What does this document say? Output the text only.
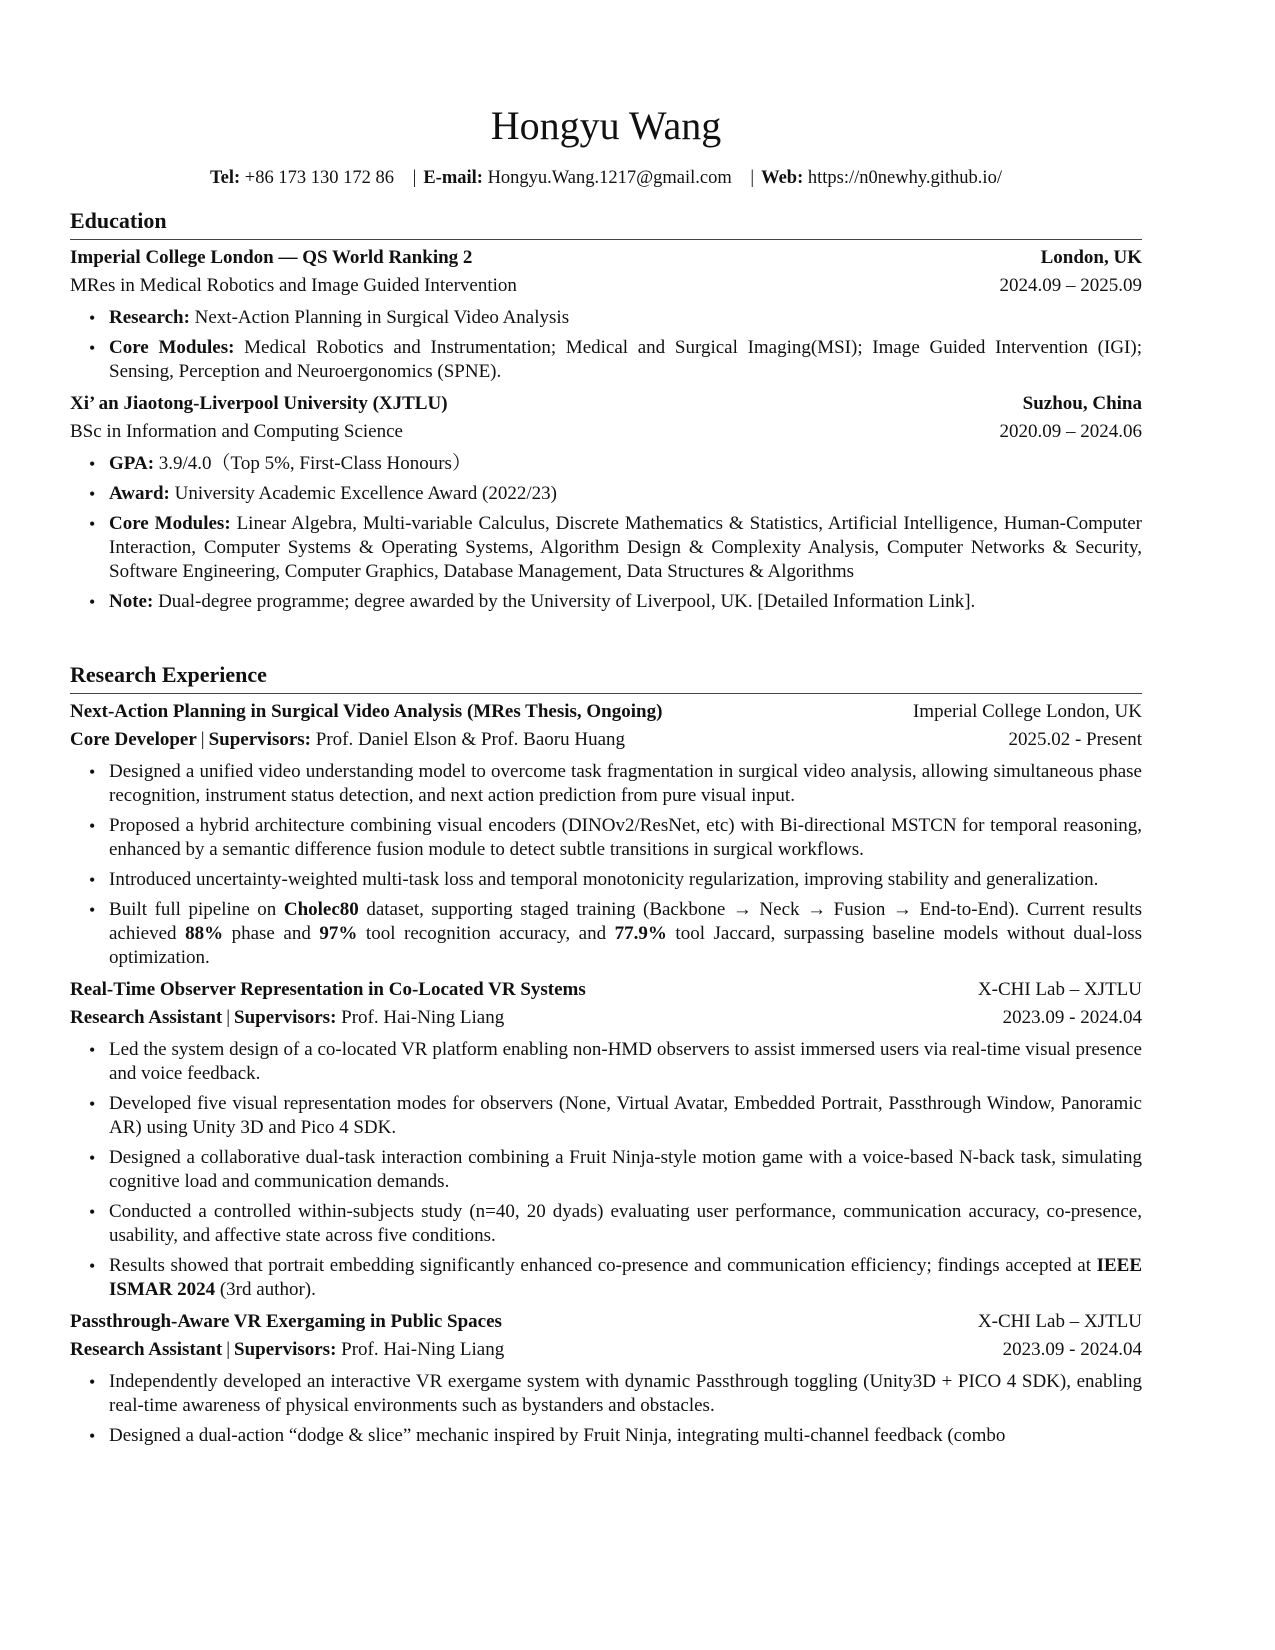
Hongyu Wang
Tel: +86 173 130 172 86 | E-mail: Hongyu.Wang.1217@gmail.com | Web: https://n0newhy.github.io/
Education
Imperial College London — QS World Ranking 2	London, UK
MRes in Medical Robotics and Image Guided Intervention	2024.09 – 2025.09
• Research: Next-Action Planning in Surgical Video Analysis
• Core Modules: Medical Robotics and Instrumentation; Medical and Surgical Imaging(MSI); Image Guided Intervention (IGI); Sensing, Perception and Neuroergonomics (SPNE).
Xi’ an Jiaotong-Liverpool University (XJTLU)	Suzhou, China
BSc in Information and Computing Science	2020.09 – 2024.06
• GPA: 3.9/4.0（Top 5%, First-Class Honours）
• Award: University Academic Excellence Award (2022/23)
• Core Modules: Linear Algebra, Multi-variable Calculus, Discrete Mathematics & Statistics, Artificial Intelligence, Human-Computer Interaction, Computer Systems & Operating Systems, Algorithm Design & Complexity Analysis, Computer Networks & Security, Software Engineering, Computer Graphics, Database Management, Data Structures & Algorithms
• Note: Dual-degree programme; degree awarded by the University of Liverpool, UK. [Detailed Information Link].
Research Experience
Next-Action Planning in Surgical Video Analysis (MRes Thesis, Ongoing)	Imperial College London, UK
Core Developer | Supervisors: Prof. Daniel Elson & Prof. Baoru Huang	2025.02 - Present
• Designed a unified video understanding model to overcome task fragmentation in surgical video analysis, allowing simultaneous phase recognition, instrument status detection, and next action prediction from pure visual input.
• Proposed a hybrid architecture combining visual encoders (DINOv2/ResNet, etc) with Bi-directional MSTCN for temporal reasoning, enhanced by a semantic difference fusion module to detect subtle transitions in surgical workflows.
• Introduced uncertainty-weighted multi-task loss and temporal monotonicity regularization, improving stability and generalization.
• Built full pipeline on Cholec80 dataset, supporting staged training (Backbone → Neck → Fusion → End-to-End). Current results achieved 88% phase and 97% tool recognition accuracy, and 77.9% tool Jaccard, surpassing baseline models without dual-loss optimization.
Real-Time Observer Representation in Co-Located VR Systems	X-CHI Lab – XJTLU
Research Assistant | Supervisors: Prof. Hai-Ning Liang	2023.09 - 2024.04
• Led the system design of a co-located VR platform enabling non-HMD observers to assist immersed users via real-time visual presence and voice feedback.
• Developed five visual representation modes for observers (None, Virtual Avatar, Embedded Portrait, Passthrough Window, Panoramic AR) using Unity 3D and Pico 4 SDK.
• Designed a collaborative dual-task interaction combining a Fruit Ninja-style motion game with a voice-based N-back task, simulating cognitive load and communication demands.
• Conducted a controlled within-subjects study (n=40, 20 dyads) evaluating user performance, communication accuracy, co-presence, usability, and affective state across five conditions.
• Results showed that portrait embedding significantly enhanced co-presence and communication efficiency; findings accepted at IEEE ISMAR 2024 (3rd author).
Passthrough-Aware VR Exergaming in Public Spaces	X-CHI Lab – XJTLU
Research Assistant | Supervisors: Prof. Hai-Ning Liang	2023.09 - 2024.04
• Independently developed an interactive VR exergame system with dynamic Passthrough toggling (Unity3D + PICO 4 SDK), enabling real-time awareness of physical environments such as bystanders and obstacles.
• Designed a dual-action “dodge & slice” mechanic inspired by Fruit Ninja, integrating multi-channel feedback (combo
